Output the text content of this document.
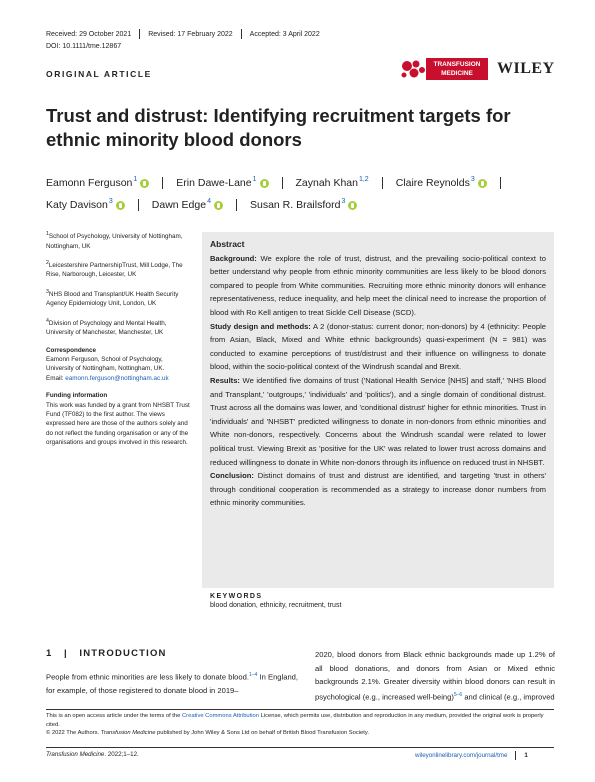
Received: 29 October 2021 Revised: 17 February 2022 Accepted: 3 April 2022
DOI: 10.1111/tme.12867
ORIGINAL ARTICLE
TRANSFUSION
MEDICINE	WILEY
Trust and distrust: Identifying recruitment targets for ethnic minority blood donors
Eamonn Ferguson$^1$	Erin Dawe-Lane$^1$	Zaynah Khan$^{1,2}$	Claire Reynolds$^3$

Katy Davison$^3$	Dawn Edge$^4$	Susan R. Brailsford$^3$

$^1$School of Psychology, University of Nottingham, Nottingham, UK

$^2$Leicestershire PartnershipTrust, Mill Lodge, The Rise, Narborough, Leicester, UK

$^3$NHS Blood and Transplant/UK Health Security Agency Epidemiology Unit, London, UK

$^4$Division of Psychology and Mental Health, University of Manchester, Manchester, UK

Correspondence
Eamonn Ferguson, School of Psychology, University of Nottingham, Nottingham, UK.
Email: eamonn.ferguson@nottingham.ac.uk

Funding information
This work was funded by a grant from NHSBT Trust Fund (TF082) to the first author. The views expressed here are those of the authors solely and do not reflect the funding organisation or any of the organisations and groups involved in this research.

Abstract

Background: We explore the role of trust, distrust, and the prevailing socio-political context to better understand why people from ethnic minority communities are less likely to be blood donors compared to people from White communities. Recruiting more ethnic minority donors will enhance representativeness, reduce inequality, and help meet the clinical need to increase the proportion of blood with Ro Kell antigen to treat Sickle Cell Disease (SCD).

Study design and methods: A 2 (donor-status: current donor; non-donors) by 4 (ethnicity: People from Asian, Black, Mixed and White ethnic backgrounds) quasi-experiment (N = 981) was conducted to examine perceptions of trust/distrust and their influence on willingness to donate blood, within the socio-political context of the Windrush scandal and Brexit.

Results: We identified five domains of trust ('National Health Service [NHS] and staff,' 'NHS Blood and Transplant,' 'outgroups,' 'individuals' and 'politics'), and a single domain of conditional distrust. Trust across all the domains was lower, and 'conditional distrust' higher for ethnic minorities. Trust in 'individuals' and 'NHSBT' predicted willingness to donate in non-donors from ethnic minorities and White non-donors, respectively. Concerns about the Windrush scandal were related to lower political trust. Viewing Brexit as 'positive for the UK' was related to lower trust across domains and reduced willingness to donate in White non-donors through its influence on reduced trust in NHSBT.

Conclusion: Distinct domains of trust and distrust are identified, and targeting 'trust in others' through conditional cooperation is recommended as a strategy to increase donor numbers from ethnic minority communities.

KEYWORDS
blood donation, ethnicity, recruitment, trust
1   |   INTRODUCTION
People from ethnic minorities are less likely to donate blood.$^{1-4}$ In England, for example, of those registered to donate blood in 2019–
2020, blood donors from Black ethnic backgrounds made up 1.2% of all blood donations, and donors from Asian or Mixed ethnic backgrounds 2.1%. Greater diversity within blood donors can result in psychological (e.g., increased well-being)$^{5-6}$ and clinical (e.g., improved
This is an open access article under the terms of the Creative Commons Attribution License, which permits use, distribution and reproduction in any medium, provided the original work is properly cited.
© 2022 The Authors. Transfusion Medicine published by John Wiley & Sons Ltd on behalf of British Blood Transfusion Society.
Transfusion Medicine. 2022;1–12.	wileyonlinelibrary.com/journal/tme	1
